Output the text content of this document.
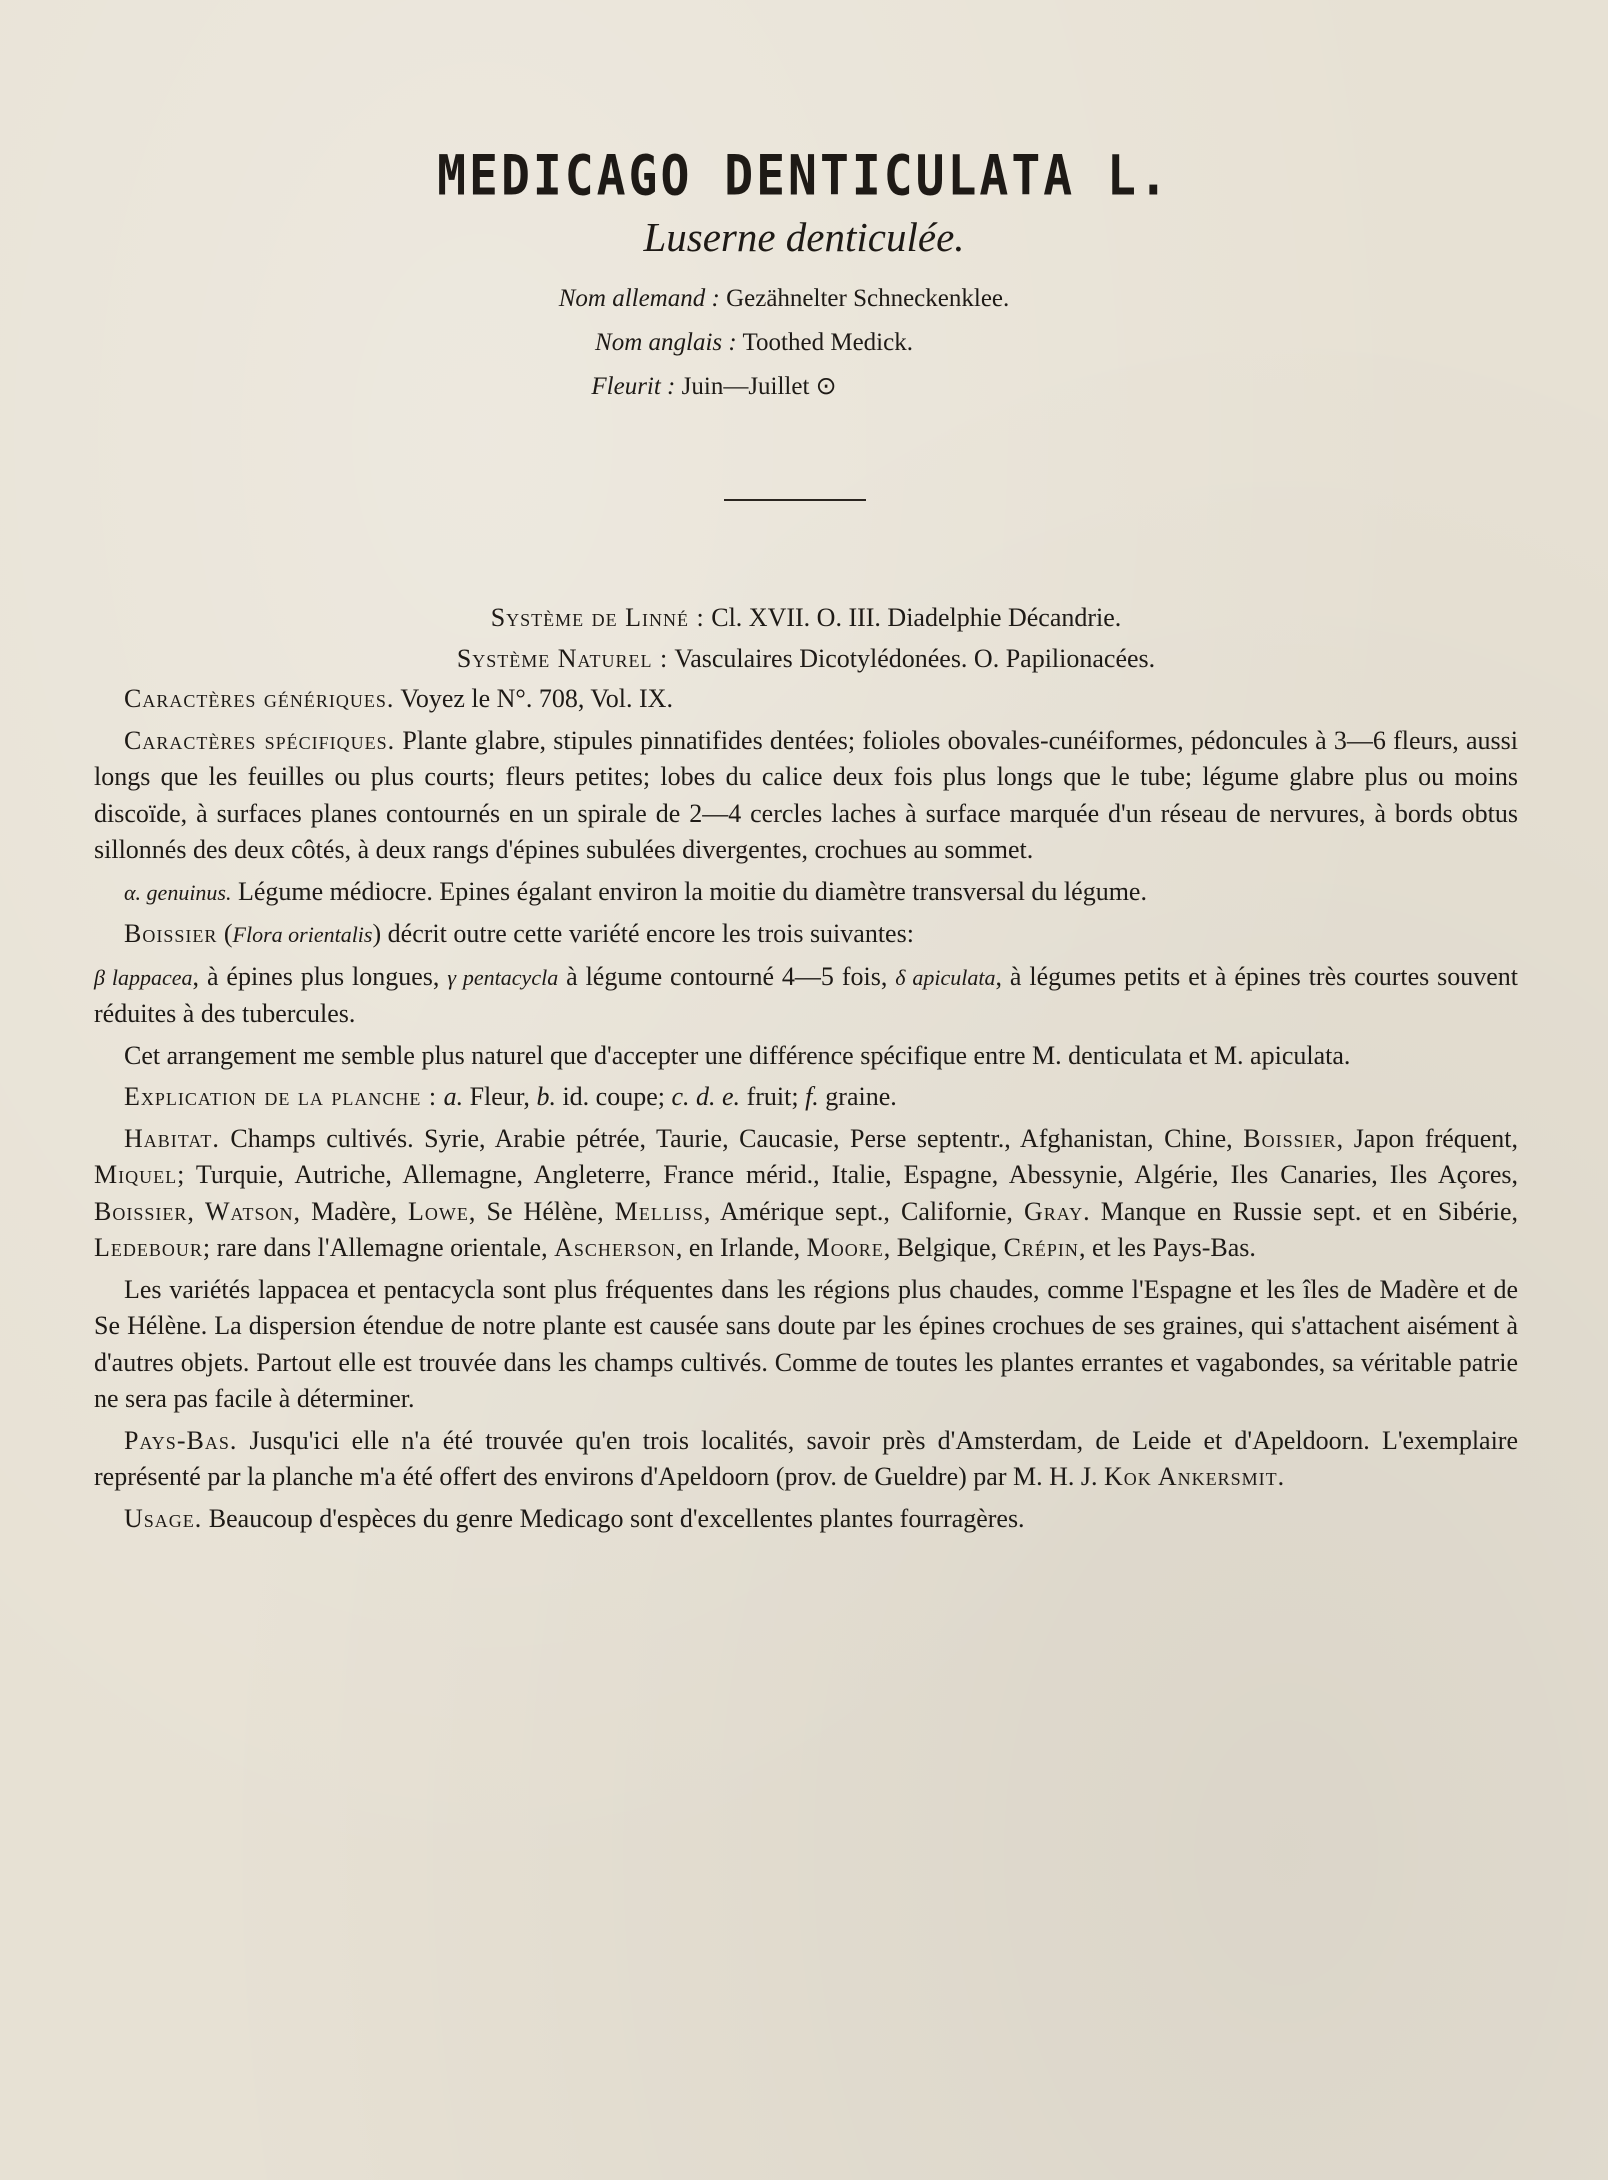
MEDICAGO DENTICULATA L.
Luserne denticulée.
Nom allemand : Gezähnelter Schneckenklee.
Nom anglais : Toothed Medick.
Fleurit : Juin—Juillet ⊙

Système de Linné : Cl. XVII. O. III. Diadelphie Décandrie.

Système Naturel : Vasculaires Dicotylédonées. O. Papilionacées.

Caractères génériques. Voyez le N°. 708, Vol. IX.

Caractères spécifiques. Plante glabre, stipules pinnatifides dentées; folioles obovales-cunéiformes, pédoncules à 3—6 fleurs, aussi longs que les feuilles ou plus courts; fleurs petites; lobes du calice deux fois plus longs que le tube; légume glabre plus ou moins discoïde, à surfaces planes contournés en un spirale de 2—4 cercles laches à surface marquée d'un réseau de nervures, à bords obtus sillonnés des deux côtés, à deux rangs d'épines subulées divergentes, crochues au sommet.

α. genuinus. Légume médiocre. Epines égalant environ la moitie du diamètre transversal du légume.

Boissier (Flora orientalis) décrit outre cette variété encore les trois suivantes:

β lappacea, à épines plus longues, γ pentacycla à légume contourné 4—5 fois, δ apiculata, à légumes petits et à épines très courtes souvent réduites à des tubercules.

Cet arrangement me semble plus naturel que d'accepter une différence spécifique entre M. denticulata et M. apiculata.

Explication de la planche : a. Fleur, b. id. coupe; c. d. e. fruit; f. graine.

Habitat. Champs cultivés. Syrie, Arabie pétrée, Taurie, Caucasie, Perse septentr., Afghanistan, Chine, Boissier, Japon fréquent, Miquel; Turquie, Autriche, Allemagne, Angleterre, France mérid., Italie, Espagne, Abessynie, Algérie, Iles Canaries, Iles Açores, Boissier, Watson, Madère, Lowe, Se Hélène, Melliss, Amérique sept., Californie, Gray. Manque en Russie sept. et en Sibérie, Ledebour; rare dans l'Allemagne orientale, Ascherson, en Irlande, Moore, Belgique, Crépin, et les Pays-Bas.

Les variétés lappacea et pentacycla sont plus fréquentes dans les régions plus chaudes, comme l'Espagne et les îles de Madère et de Se Hélène. La dispersion étendue de notre plante est causée sans doute par les épines crochues de ses graines, qui s'attachent aisément à d'autres objets. Partout elle est trouvée dans les champs cultivés. Comme de toutes les plantes errantes et vagabondes, sa véritable patrie ne sera pas facile à déterminer.

Pays-Bas. Jusqu'ici elle n'a été trouvée qu'en trois localités, savoir près d'Amsterdam, de Leide et d'Apeldoorn. L'exemplaire représenté par la planche m'a été offert des environs d'Apeldoorn (prov. de Gueldre) par M. H. J. Kok Ankersmit.

Usage. Beaucoup d'espèces du genre Medicago sont d'excellentes plantes fourragères.
